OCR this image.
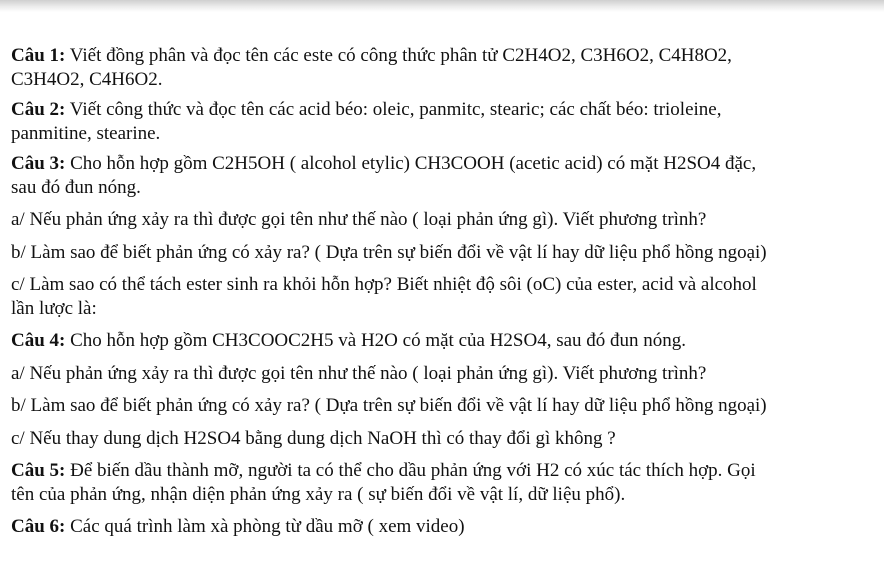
Câu 1: Viết đồng phân và đọc tên các este có công thức phân tử C2H4O2, C3H6O2, C4H8O2,
C3H4O2, C4H6O2.

Câu 2: Viết công thức và đọc tên các acid béo: oleic, panmitc, stearic; các chất béo: trioleine,
panmitine, stearine.

Câu 3: Cho hỗn hợp gồm C2H5OH ( alcohol etylic) CH3COOH (acetic acid) có mặt H2SO4 đặc,
sau đó đun nóng.

a/ Nếu phản ứng xảy ra thì được gọi tên như thế nào ( loại phản ứng gì). Viết phương trình?

b/ Làm sao để biết phản ứng có xảy ra? ( Dựa trên sự biến đổi về vật lí hay dữ liệu phổ hồng ngoại)

c/ Làm sao có thể tách ester sinh ra khỏi hỗn hợp? Biết nhiệt độ sôi (oC) của ester, acid và alcohol
lần lược là:

Câu 4: Cho hỗn hợp gồm CH3COOC2H5 và H2O có mặt của H2SO4, sau đó đun nóng.

a/ Nếu phản ứng xảy ra thì được gọi tên như thế nào ( loại phản ứng gì). Viết phương trình?

b/ Làm sao để biết phản ứng có xảy ra? ( Dựa trên sự biến đổi về vật lí hay dữ liệu phổ hồng ngoại)

c/ Nếu thay dung dịch H2SO4 bằng dung dịch NaOH thì có thay đổi gì không ?

Câu 5: Để biến dầu thành mỡ, người ta có thể cho dầu phản ứng với H2 có xúc tác thích hợp. Gọi
tên của phản ứng, nhận diện phản ứng xảy ra ( sự biến đổi về vật lí, dữ liệu phổ).

Câu 6: Các quá trình làm xà phòng từ dầu mỡ ( xem video)
